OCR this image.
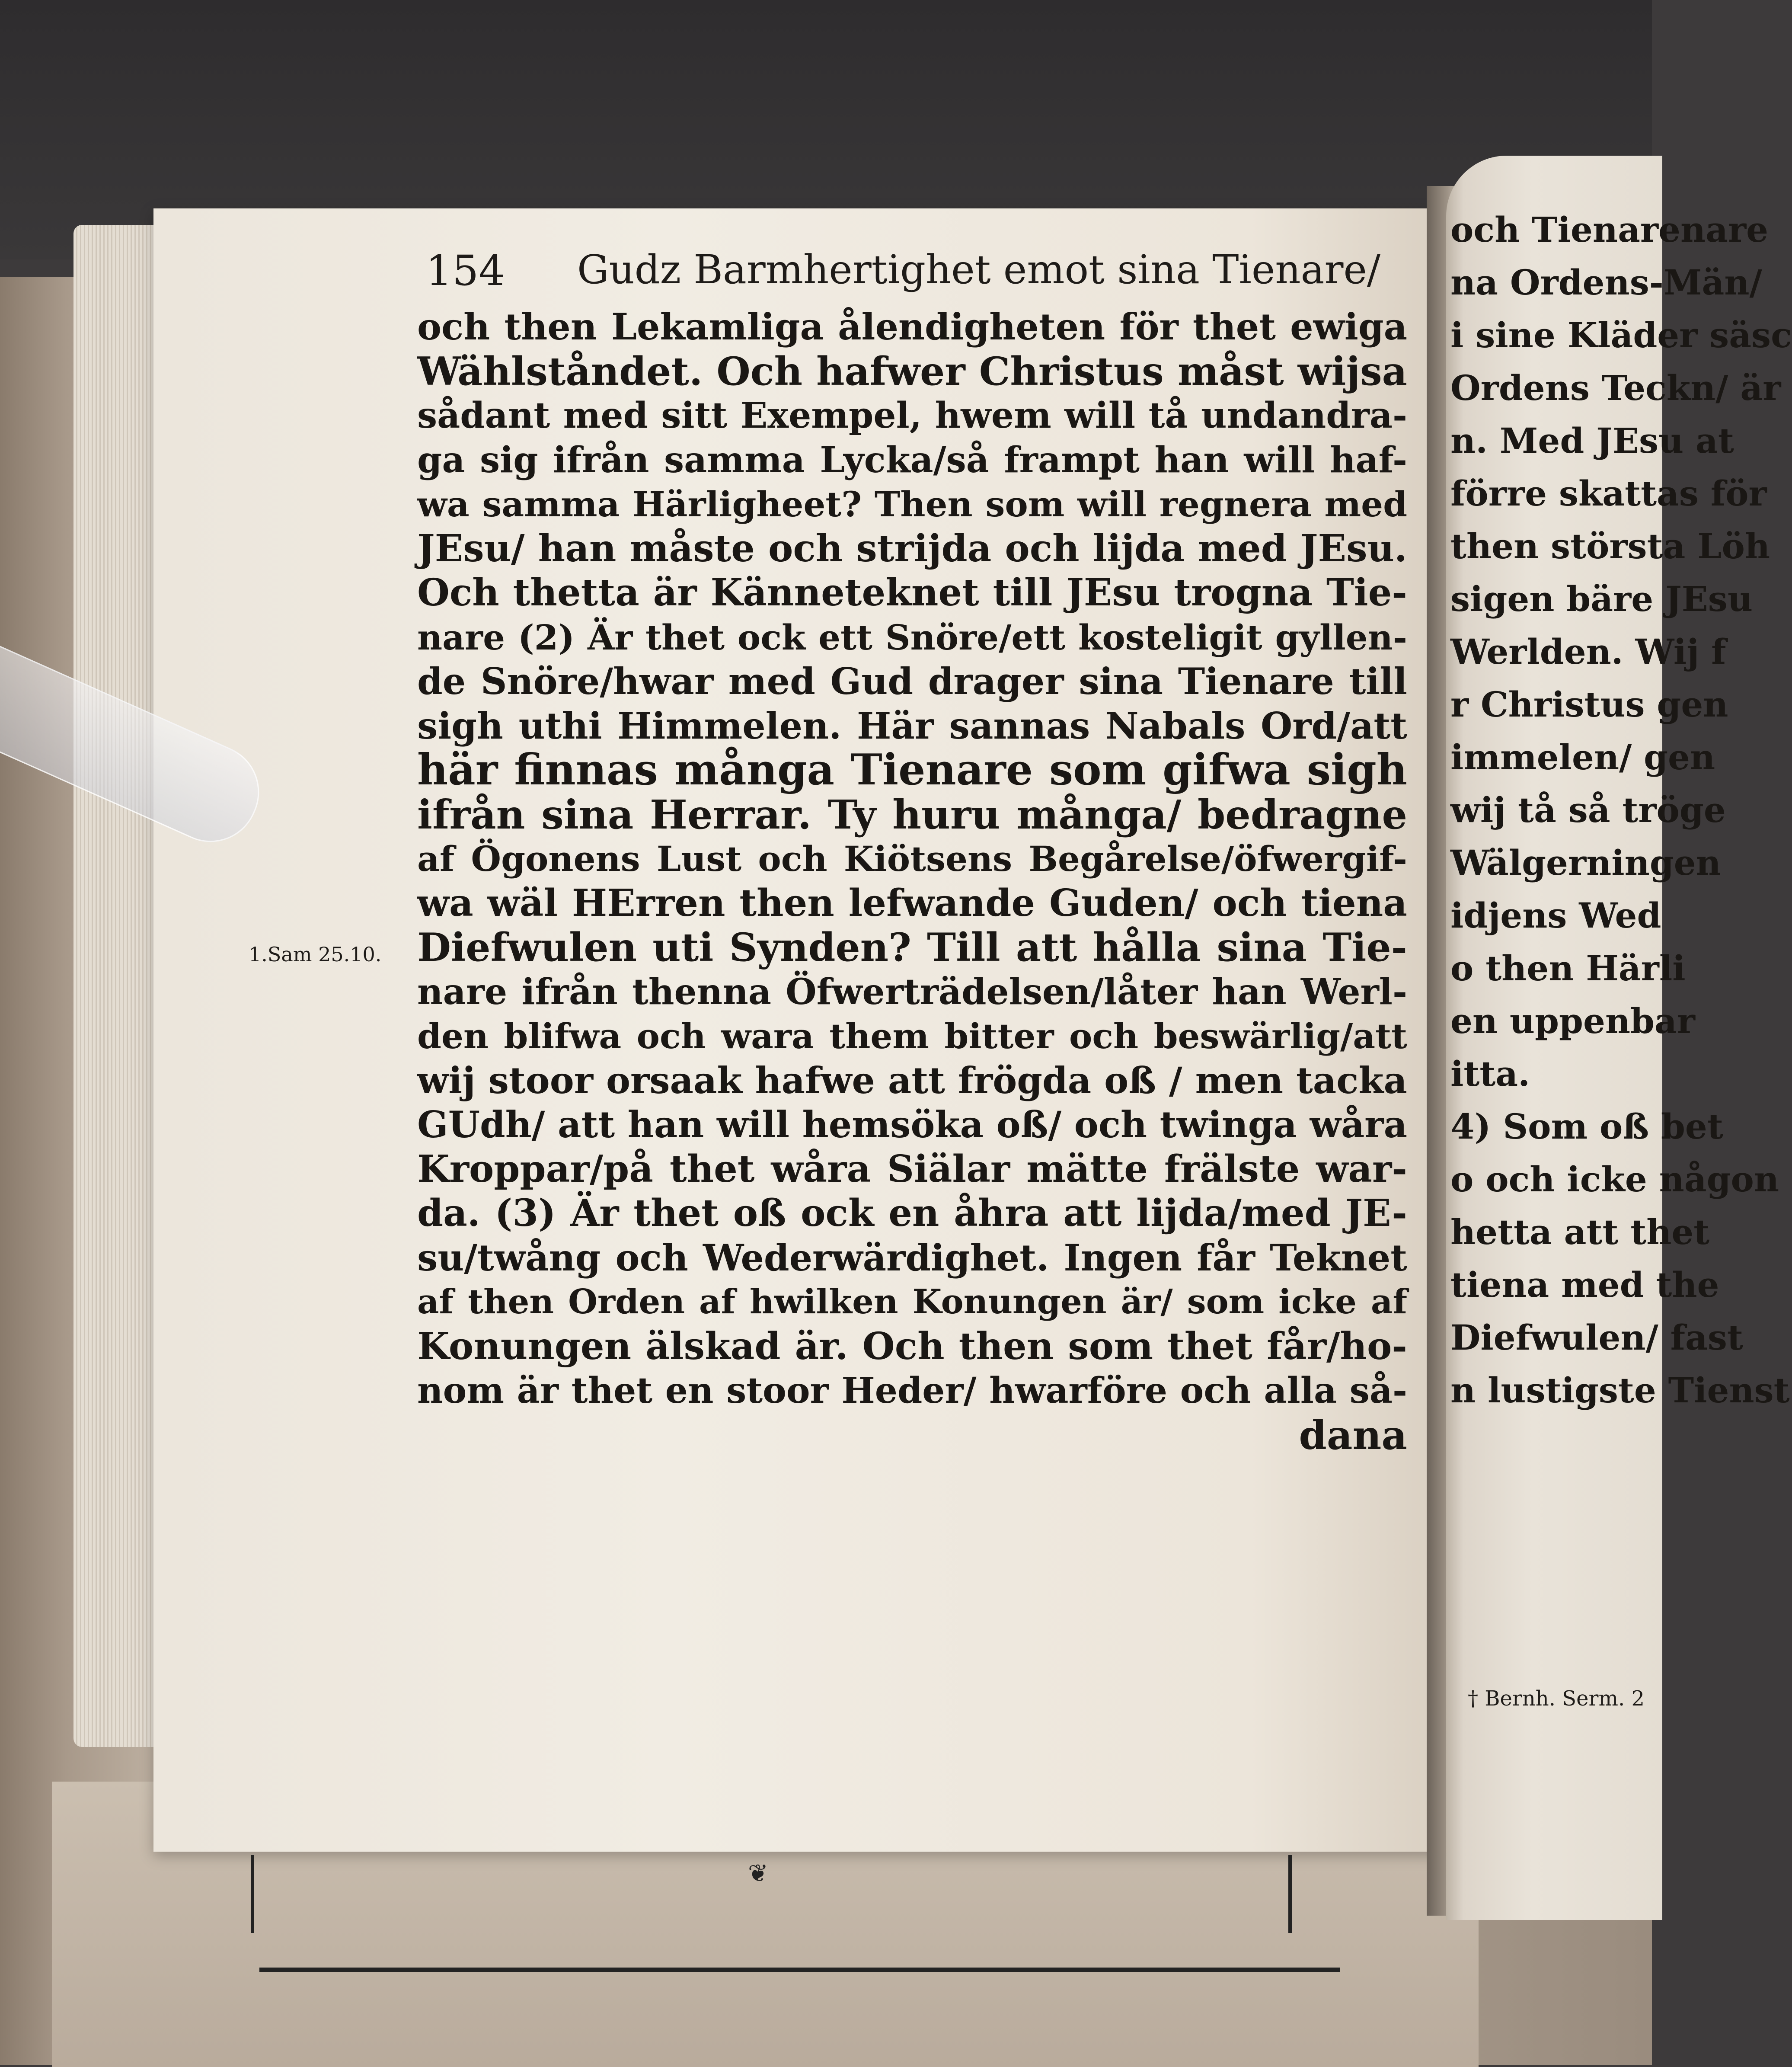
154 Gudz Barmhertighet emot sina Tienare/
1.Sam 25.10.
och then Lekamliga ålendigheten för thet ewiga
Wählståndet. Och hafwer Christus måst wijsa
sådant med sitt Exempel, hwem will tå undandra-
ga sig ifrån samma Lycka/så frampt han will haf-
wa samma Härligheet? Then som will regnera med
JEsu/ han måste och strijda och lijda med JEsu.
Och thetta är Känneteknet till JEsu trogna Tie-
nare (2) Är thet ock ett Snöre/ett kosteligit gyllen-
de Snöre/hwar med Gud drager sina Tienare till
sigh uthi Himmelen. Här sannas Nabals Ord/att
här finnas många Tienare som gifwa sigh
ifrån sina Herrar. Ty huru många/ bedragne
af Ögonens Lust och Kiötsens Begårelse/öfwergif-
wa wäl HErren then lefwande Guden/ och tiena
Diefwulen uti Synden? Till att hålla sina Tie-
nare ifrån thenna Öfwerträdelsen/låter han Werl-
den blifwa och wara them bitter och beswärlig/att
wij stoor orsaak hafwe att frögda oß / men tacka
GUdh/ att han will hemsöka oß/ och twinga wåra
Kroppar/på thet wåra Siälar mätte frälste war-
da. (3) Är thet oß ock en åhra att lijda/med JE-
su/twång och Wederwärdighet. Ingen får Teknet
af then Orden af hwilken Konungen är/ som icke af
Konungen älskad är. Och then som thet får/ho-
nom är thet en stoor Heder/ hwarföre och alla så-
dana
❦
och Tienarenare
na Ordens-Män/
i sine Kläder säsc
Ordens Teckn/ är
n. Med JEsu at
förre skattas för
then största Löh
sigen bäre JEsu
Werlden. Wij f
r Christus gen
immelen/ gen
wij tå så tröge
Wälgerningen
idjens Wed
o then Härli
en uppenbar
itta.
4) Som oß bet
o och icke någon
hetta att thet
tiena med the
Diefwulen/ fast
n lustigste Tienst
† Bernh. Serm. 2
